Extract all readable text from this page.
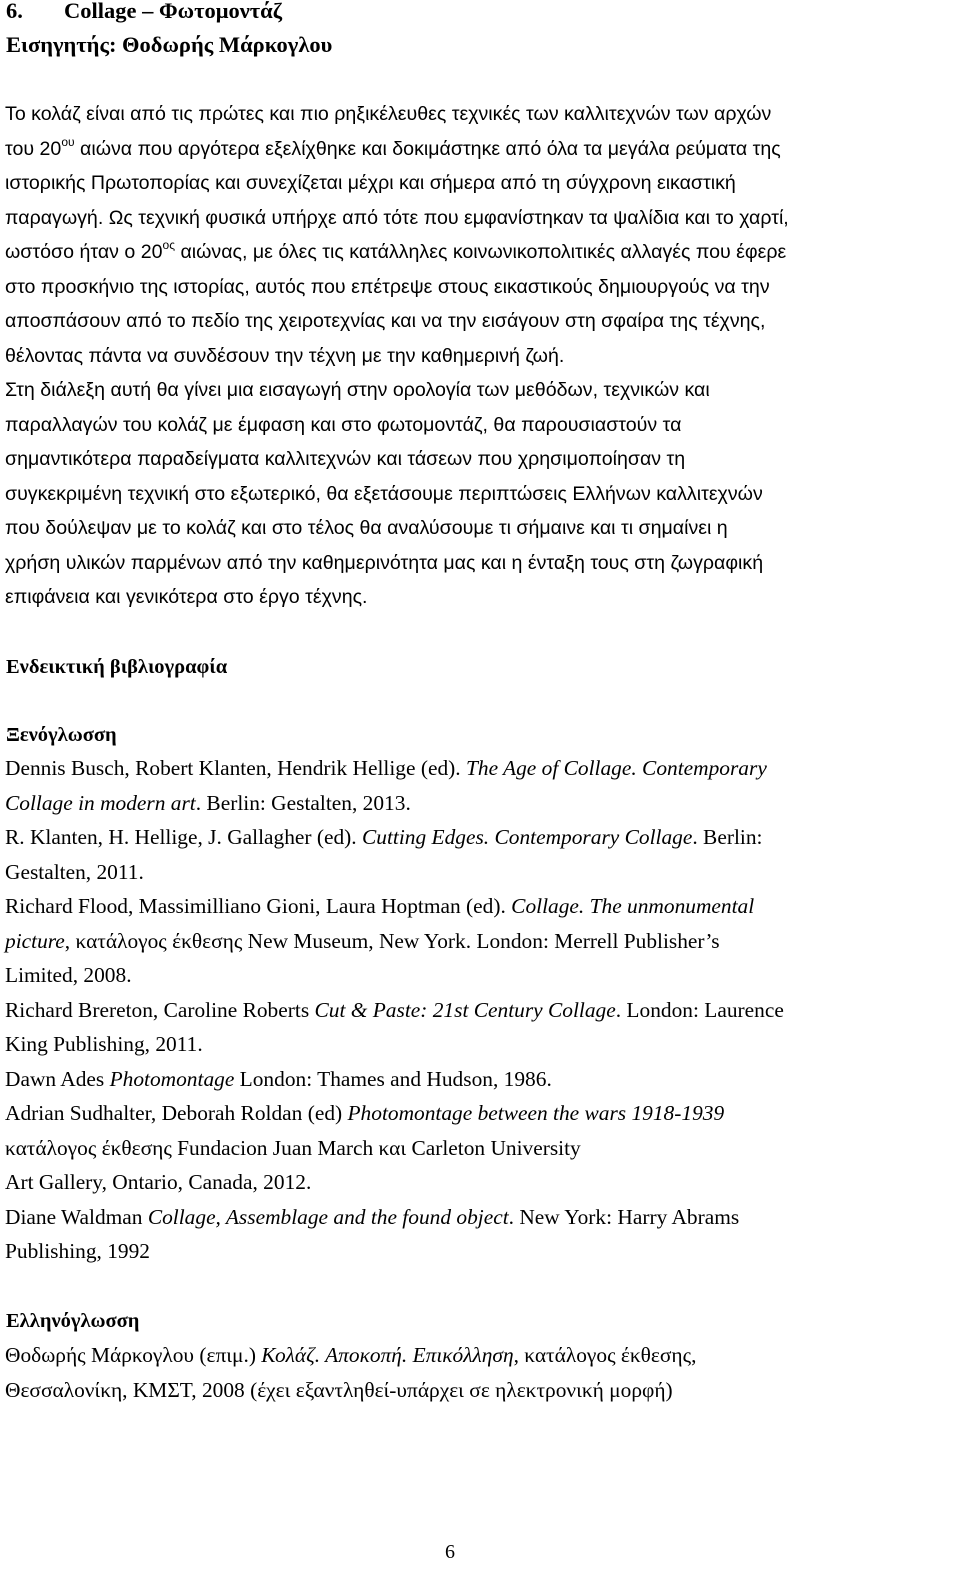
6. Collage – Φωτομοντάζ
Εισηγητής: Θοδωρής Μάρκογλου
Το κολάζ είναι από τις πρώτες και πιο ρηξικέλευθες τεχνικές των καλλιτεχνών των αρχών
του $20^{o\upsilon}$ αιώνα που αργότερα εξελίχθηκε και δοκιμάστηκε από όλα τα μεγάλα ρεύματα της
ιστορικής Πρωτοπορίας και συνεχίζεται μέχρι και σήμερα από τη σύγχρονη εικαστική
παραγωγή. Ως τεχνική φυσικά υπήρχε από τότε που εμφανίστηκαν τα ψαλίδια και το χαρτί,
ωστόσο ήταν ο $20^{o\varsigma}$ αιώνας, με όλες τις κατάλληλες κοινωνικοπολιτικές αλλαγές που έφερε
στο προσκήνιο της ιστορίας, αυτός που επέτρεψε στους εικαστικούς δημιουργούς να την
αποσπάσουν από το πεδίο της χειροτεχνίας και να την εισάγουν στη σφαίρα της τέχνης,
θέλοντας πάντα να συνδέσουν την τέχνη με την καθημερινή ζωή.
Στη διάλεξη αυτή θα γίνει μια εισαγωγή στην ορολογία των μεθόδων, τεχνικών και
παραλλαγών του κολάζ με έμφαση και στο φωτομοντάζ, θα παρουσιαστούν τα
σημαντικότερα παραδείγματα καλλιτεχνών και τάσεων που χρησιμοποίησαν τη
συγκεκριμένη τεχνική στο εξωτερικό, θα εξετάσουμε περιπτώσεις Ελλήνων καλλιτεχνών
που δούλεψαν με το κολάζ και στο τέλος θα αναλύσουμε τι σήμαινε και τι σημαίνει η
χρήση υλικών παρμένων από την καθημερινότητα μας και η ένταξη τους στη ζωγραφική
επιφάνεια και γενικότερα στο έργο τέχνης.
Ενδεικτική βιβλιογραφία
Ξενόγλωσση
Dennis Busch, Robert Klanten, Hendrik Hellige (ed). The Age of Collage. Contemporary
Collage in modern art. Berlin: Gestalten, 2013.
R. Klanten, H. Hellige, J. Gallagher (ed). Cutting Edges. Contemporary Collage. Berlin:
Gestalten, 2011.
Richard Flood, Massimilliano Gioni, Laura Hoptman (ed). Collage. The unmonumental
picture, κατάλογος έκθεσης New Museum, New York. London: Merrell Publisher’s
Limited, 2008.
Richard Brereton, Caroline Roberts Cut & Paste: 21st Century Collage. London: Laurence
King Publishing, 2011.
Dawn Ades Photomontage London: Thames and Hudson, 1986.
Adrian Sudhalter, Deborah Roldan (ed) Photomontage between the wars 1918-1939
κατάλογος έκθεσης Fundacion Juan March και Carleton University
Art Gallery, Ontario, Canada, 2012.
Diane Waldman Collage, Assemblage and the found object. New York: Harry Abrams
Publishing, 1992
Ελληνόγλωσση
Θοδωρής Μάρκογλου (επιμ.) Κολάζ. Αποκοπή. Επικόλληση, κατάλογος έκθεσης,
Θεσσαλονίκη, ΚΜΣΤ, 2008 (έχει εξαντληθεί-υπάρχει σε ηλεκτρονική μορφή)
6
